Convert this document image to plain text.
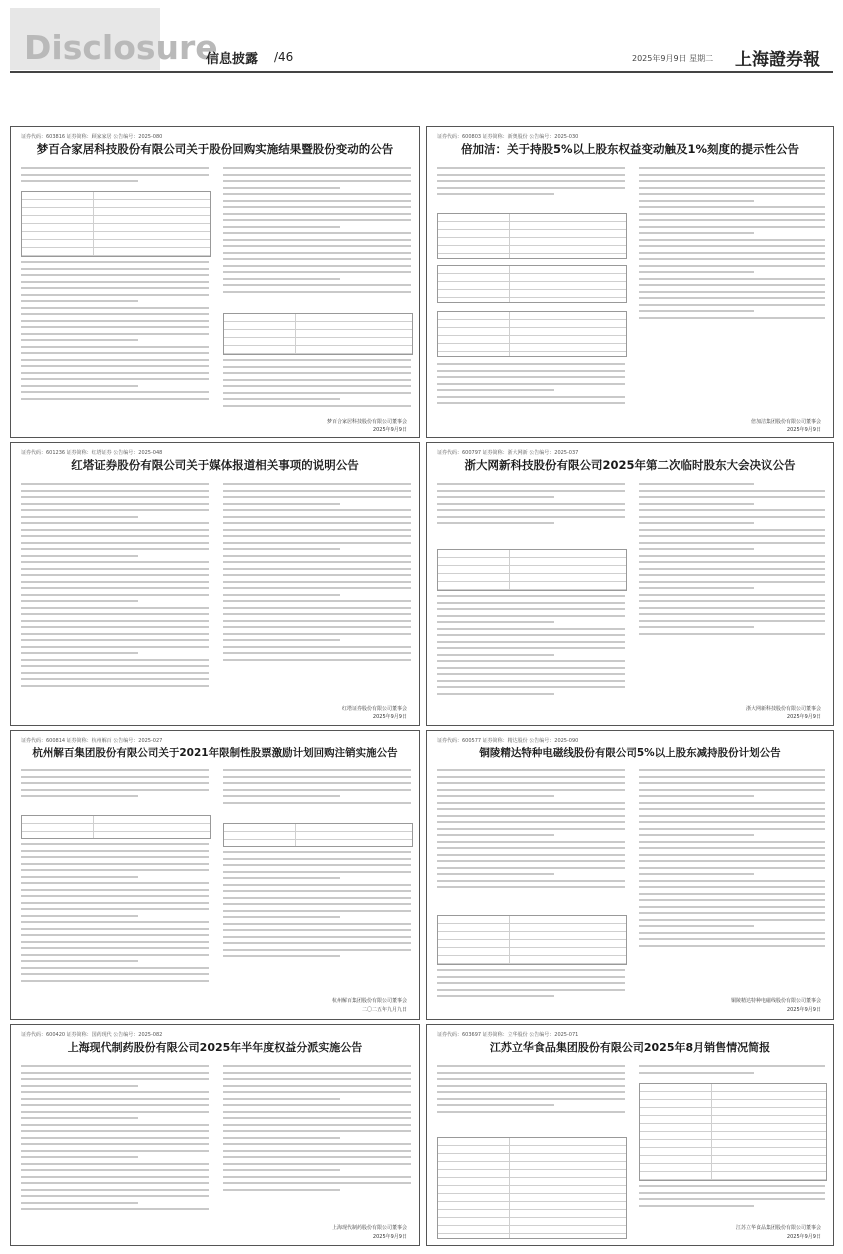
Disclosure
信息披露 /46	2025年9月9日 星期二 上海證券報
证券代码：603816 证券简称：顾家家居 公告编号：2025-080
梦百合家居科技股份有限公司关于股份回购实施结果暨股份变动的公告
梦百合家居科技股份有限公司董事会
2025年9月9日
证券代码：600803 证券简称：新奥股份 公告编号：2025-030
倍加洁：关于持股5%以上股东权益变动触及1%刻度的提示性公告
倍加洁集团股份有限公司董事会
2025年9月9日
证券代码：601236 证券简称：红塔证券 公告编号：2025-048
红塔证券股份有限公司关于媒体报道相关事项的说明公告
红塔证券股份有限公司董事会
2025年9月9日
证券代码：600797 证券简称：浙大网新 公告编号：2025-037
浙大网新科技股份有限公司2025年第二次临时股东大会决议公告
浙大网新科技股份有限公司董事会
2025年9月9日
证券代码：600814 证券简称：杭州解百 公告编号：2025-027
杭州解百集团股份有限公司关于2021年限制性股票激励计划回购注销实施公告
杭州解百集团股份有限公司董事会
二〇二五年九月九日
证券代码：600577 证券简称：精达股份 公告编号：2025-090
铜陵精达特种电磁线股份有限公司5%以上股东减持股份计划公告
铜陵精达特种电磁线股份有限公司董事会
2025年9月9日
证券代码：600420 证券简称：国药现代 公告编号：2025-082
上海现代制药股份有限公司2025年半年度权益分派实施公告
上海现代制药股份有限公司董事会
2025年9月9日
证券代码：603697 证券简称：立华股份 公告编号：2025-071
江苏立华食品集团股份有限公司2025年8月销售情况简报
江苏立华食品集团股份有限公司董事会
2025年9月9日
